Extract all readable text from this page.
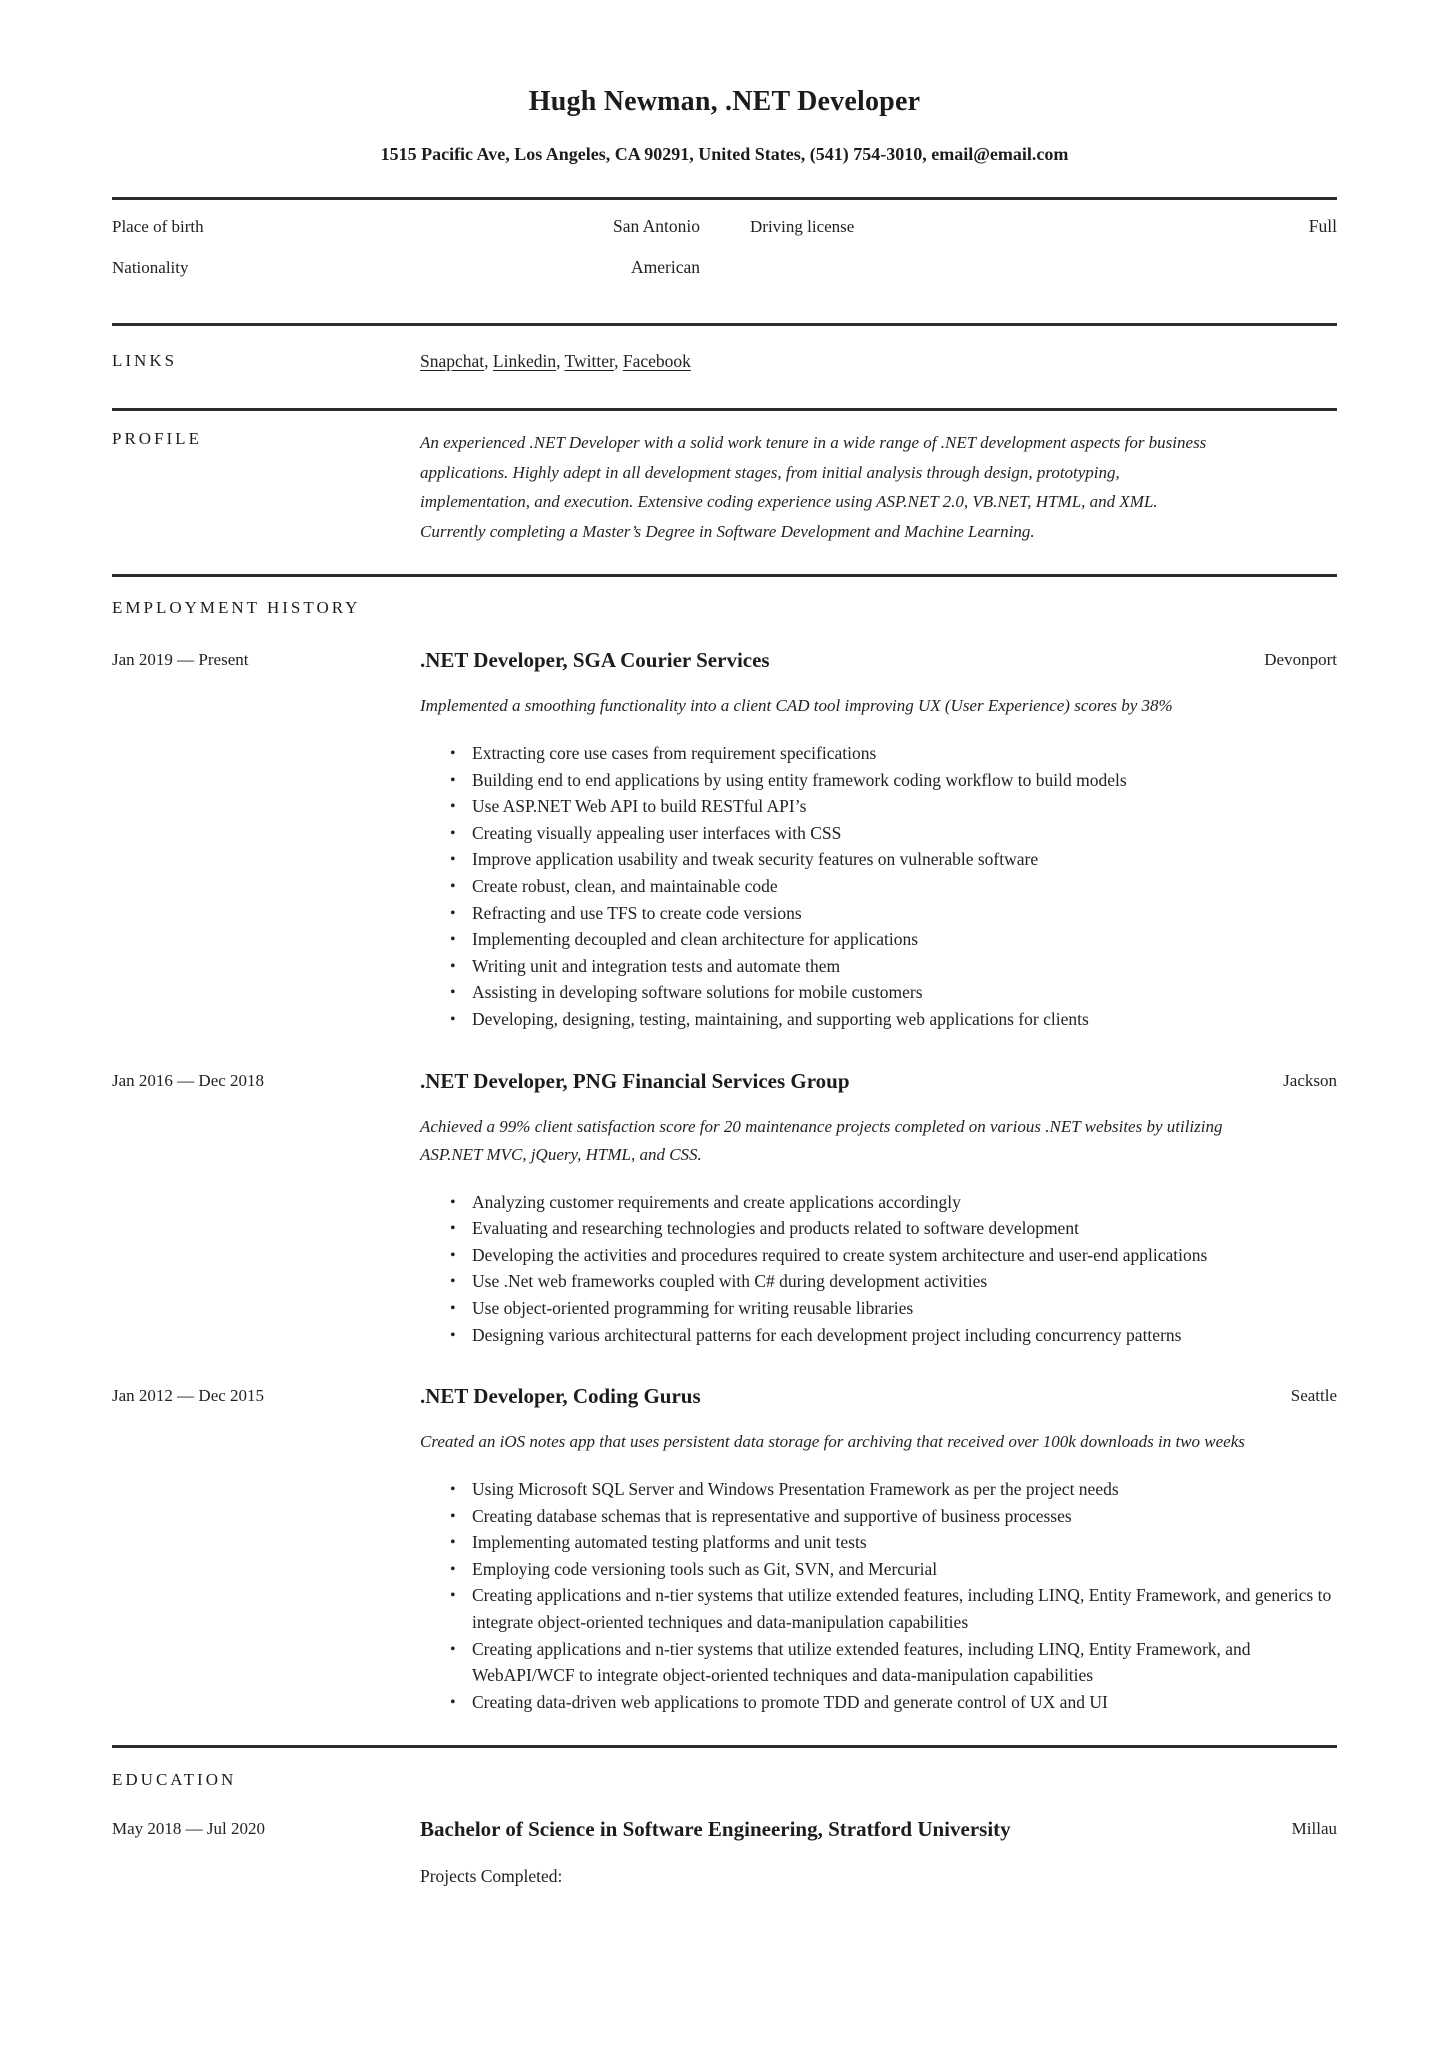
Hugh Newman, .NET Developer
1515 Pacific Ave, Los Angeles, CA 90291, United States, (541) 754-3010, email@email.com
Place of birth	San Antonio	Driving license	Full
Nationality	American
LINKS	Snapchat, Linkedin, Twitter, Facebook
PROFILE	An experienced .NET Developer with a solid work tenure in a wide range of .NET development aspects for business applications. Highly adept in all development stages, from initial analysis through design, prototyping, implementation, and execution. Extensive coding experience using ASP.NET 2.0, VB.NET, HTML, and XML. Currently completing a Master’s Degree in Software Development and Machine Learning.
EMPLOYMENT HISTORY
Jan 2019 — Present	.NET Developer, SGA Courier Services	Devonport
Implemented a smoothing functionality into a client CAD tool improving UX (User Experience) scores by 38%
• Extracting core use cases from requirement specifications
• Building end to end applications by using entity framework coding workflow to build models
• Use ASP.NET Web API to build RESTful API’s
• Creating visually appealing user interfaces with CSS
• Improve application usability and tweak security features on vulnerable software
• Create robust, clean, and maintainable code
• Refracting and use TFS to create code versions
• Implementing decoupled and clean architecture for applications
• Writing unit and integration tests and automate them
• Assisting in developing software solutions for mobile customers
• Developing, designing, testing, maintaining, and supporting web applications for clients
Jan 2016 — Dec 2018	.NET Developer, PNG Financial Services Group	Jackson
Achieved a 99% client satisfaction score for 20 maintenance projects completed on various .NET websites by utilizing ASP.NET MVC, jQuery, HTML, and CSS.
• Analyzing customer requirements and create applications accordingly
• Evaluating and researching technologies and products related to software development
• Developing the activities and procedures required to create system architecture and user-end applications
• Use .Net web frameworks coupled with C# during development activities
• Use object-oriented programming for writing reusable libraries
• Designing various architectural patterns for each development project including concurrency patterns
Jan 2012 — Dec 2015	.NET Developer, Coding Gurus	Seattle
Created an iOS notes app that uses persistent data storage for archiving that received over 100k downloads in two weeks
• Using Microsoft SQL Server and Windows Presentation Framework as per the project needs
• Creating database schemas that is representative and supportive of business processes
• Implementing automated testing platforms and unit tests
• Employing code versioning tools such as Git, SVN, and Mercurial
• Creating applications and n-tier systems that utilize extended features, including LINQ, Entity Framework, and generics to integrate object-oriented techniques and data-manipulation capabilities
• Creating applications and n-tier systems that utilize extended features, including LINQ, Entity Framework, and WebAPI/WCF to integrate object-oriented techniques and data-manipulation capabilities
• Creating data-driven web applications to promote TDD and generate control of UX and UI
EDUCATION
May 2018 — Jul 2020	Bachelor of Science in Software Engineering, Stratford University	Millau
Projects Completed:
